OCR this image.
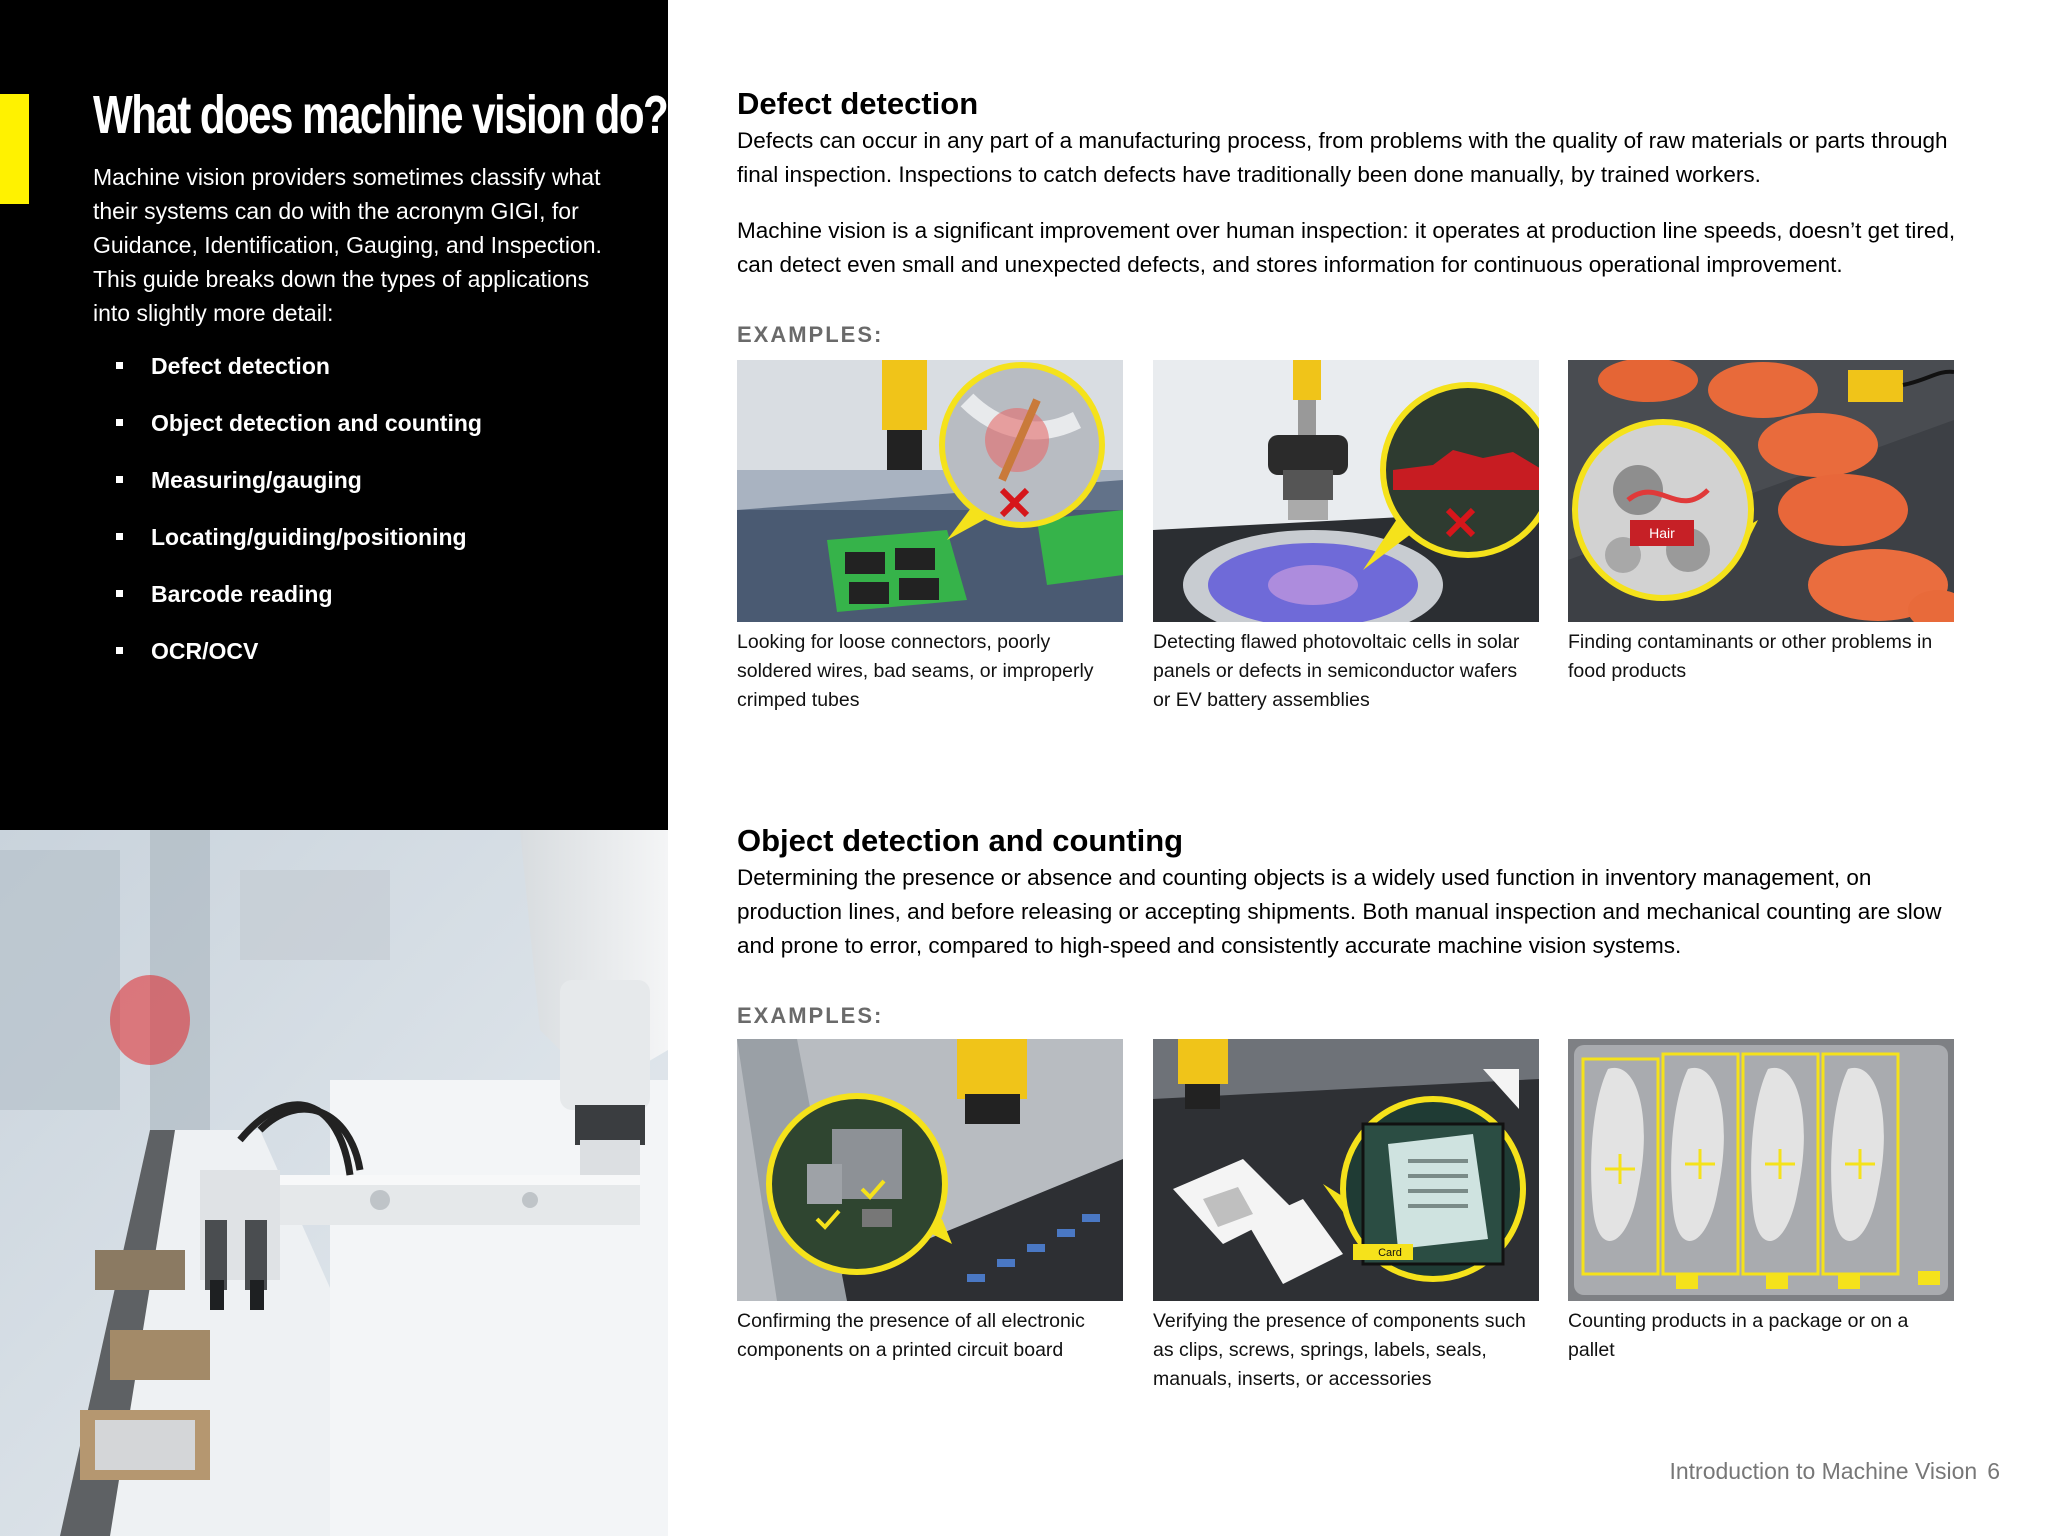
What does machine vision do?

Machine vision providers sometimes classify what their systems can do with the acronym GIGI, for Guidance, Identification, Gauging, and Inspection. This guide breaks down the types of applications into slightly more detail:

Defect detection
Object detection and counting
Measuring/gauging
Locating/guiding/positioning
Barcode reading
OCR/OCV
Defect detection

Defects can occur in any part of a manufacturing process, from problems with the quality of raw materials or parts through final inspection. Inspections to catch defects have traditionally been done manually, by trained workers.

Machine vision is a significant improvement over human inspection: it operates at production line speeds, doesn’t get tired, can detect even small and unexpected defects, and stores information for continuous operational improvement.

EXAMPLES:

Looking for loose connectors, poorly soldered wires, bad seams, or improperly crimped tubes

Detecting flawed photovoltaic cells in solar panels or defects in semiconductor wafers or EV battery assemblies

Hair

Finding contaminants or other problems in food products

Object detection and counting

Determining the presence or absence and counting objects is a widely used function in inventory management, on production lines, and before releasing or accepting shipments. Both manual inspection and mechanical counting are slow and prone to error, compared to high-speed and consistently accurate machine vision systems.

EXAMPLES:

Confirming the presence of all electronic components on a printed circuit board

Card

Verifying the presence of components such as clips, screws, springs, labels, seals, manuals, inserts, or accessories

Counting products in a package or on a pallet

Introduction to Machine Vision 6
